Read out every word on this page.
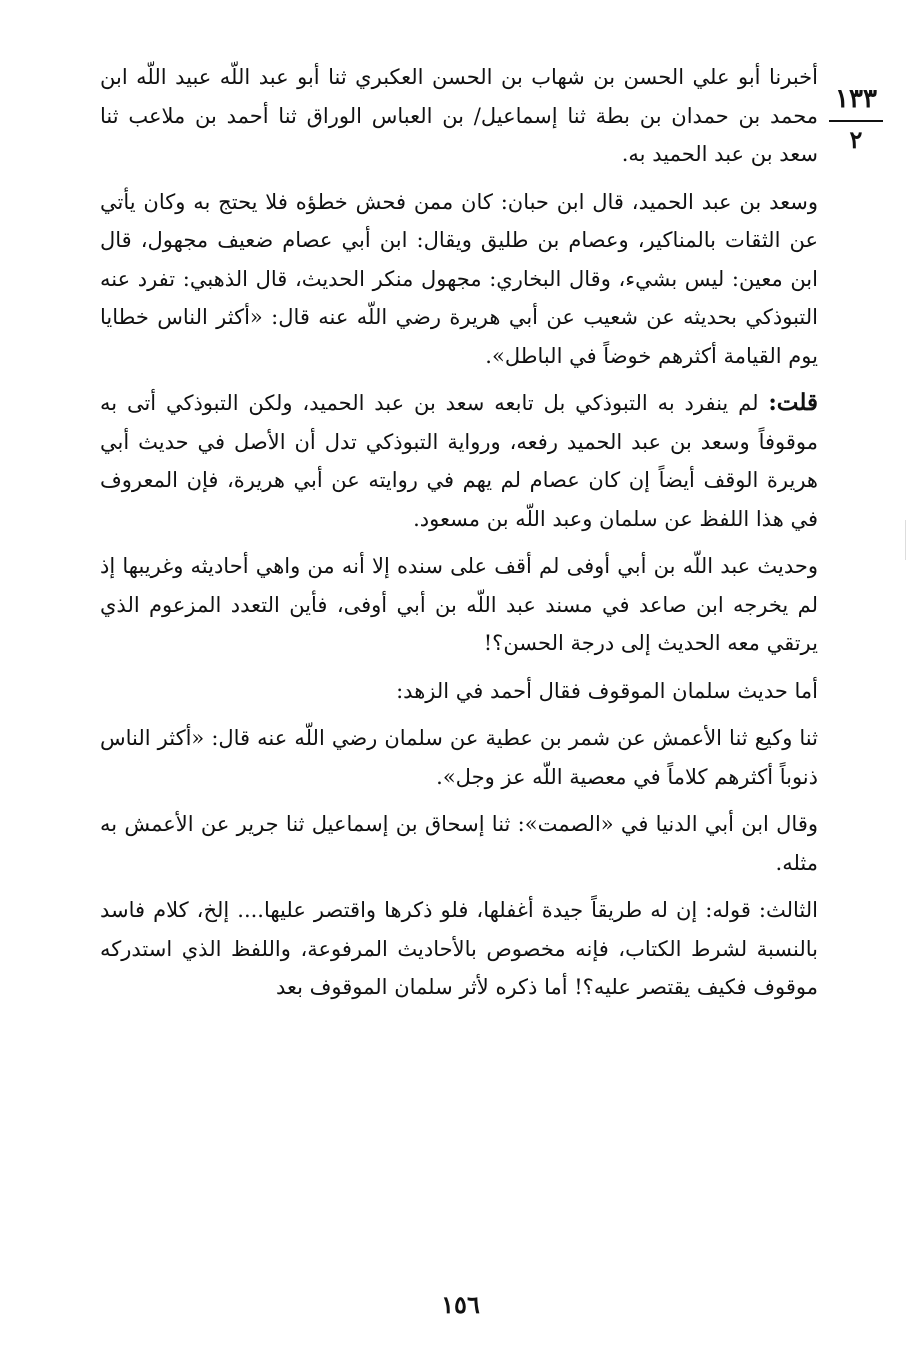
١٣٣
٢

أخبرنا أبو علي الحسن بن شهاب بن الحسن العكبري ثنا أبو عبد اللّه عبيد اللّه ابن محمد بن حمدان بن بطة ثنا إسماعيل/ بن العباس الوراق ثنا أحمد بن ملاعب ثنا سعد بن عبد الحميد به.

وسعد بن عبد الحميد، قال ابن حبان: كان ممن فحش خطؤه فلا يحتج به وكان يأتي عن الثقات بالمناكير، وعصام بن طليق ويقال: ابن أبي عصام ضعيف مجهول، قال ابن معين: ليس بشيء، وقال البخاري: مجهول منكر الحديث، قال الذهبي: تفرد عنه التبوذكي بحديثه عن شعيب عن أبي هريرة رضي اللّه عنه قال: «أكثر الناس خطايا يوم القيامة أكثرهم خوضاً في الباطل».

قلت: لم ينفرد به التبوذكي بل تابعه سعد بن عبد الحميد، ولكن التبوذكي أتى به موقوفاً وسعد بن عبد الحميد رفعه، ورواية التبوذكي تدل أن الأصل في حديث أبي هريرة الوقف أيضاً إن كان عصام لم يهم في روايته عن أبي هريرة، فإن المعروف في هذا اللفظ عن سلمان وعبد اللّه بن مسعود.

وحديث عبد اللّه بن أبي أوفى لم أقف على سنده إلا أنه من واهي أحاديثه وغريبها إذ لم يخرجه ابن صاعد في مسند عبد اللّه بن أبي أوفى، فأين التعدد المزعوم الذي يرتقي معه الحديث إلى درجة الحسن؟!

أما حديث سلمان الموقوف فقال أحمد في الزهد:

ثنا وكيع ثنا الأعمش عن شمر بن عطية عن سلمان رضي اللّه عنه قال: «أكثر الناس ذنوباً أكثرهم كلاماً في معصية اللّه عز وجل».

وقال ابن أبي الدنيا في «الصمت»: ثنا إسحاق بن إسماعيل ثنا جرير عن الأعمش به مثله.

الثالث: قوله: إن له طريقاً جيدة أغفلها، فلو ذكرها واقتصر عليها.... إلخ، كلام فاسد بالنسبة لشرط الكتاب، فإنه مخصوص بالأحاديث المرفوعة، واللفظ الذي استدركه موقوف فكيف يقتصر عليه؟! أما ذكره لأثر سلمان الموقوف بعد

١٥٦
